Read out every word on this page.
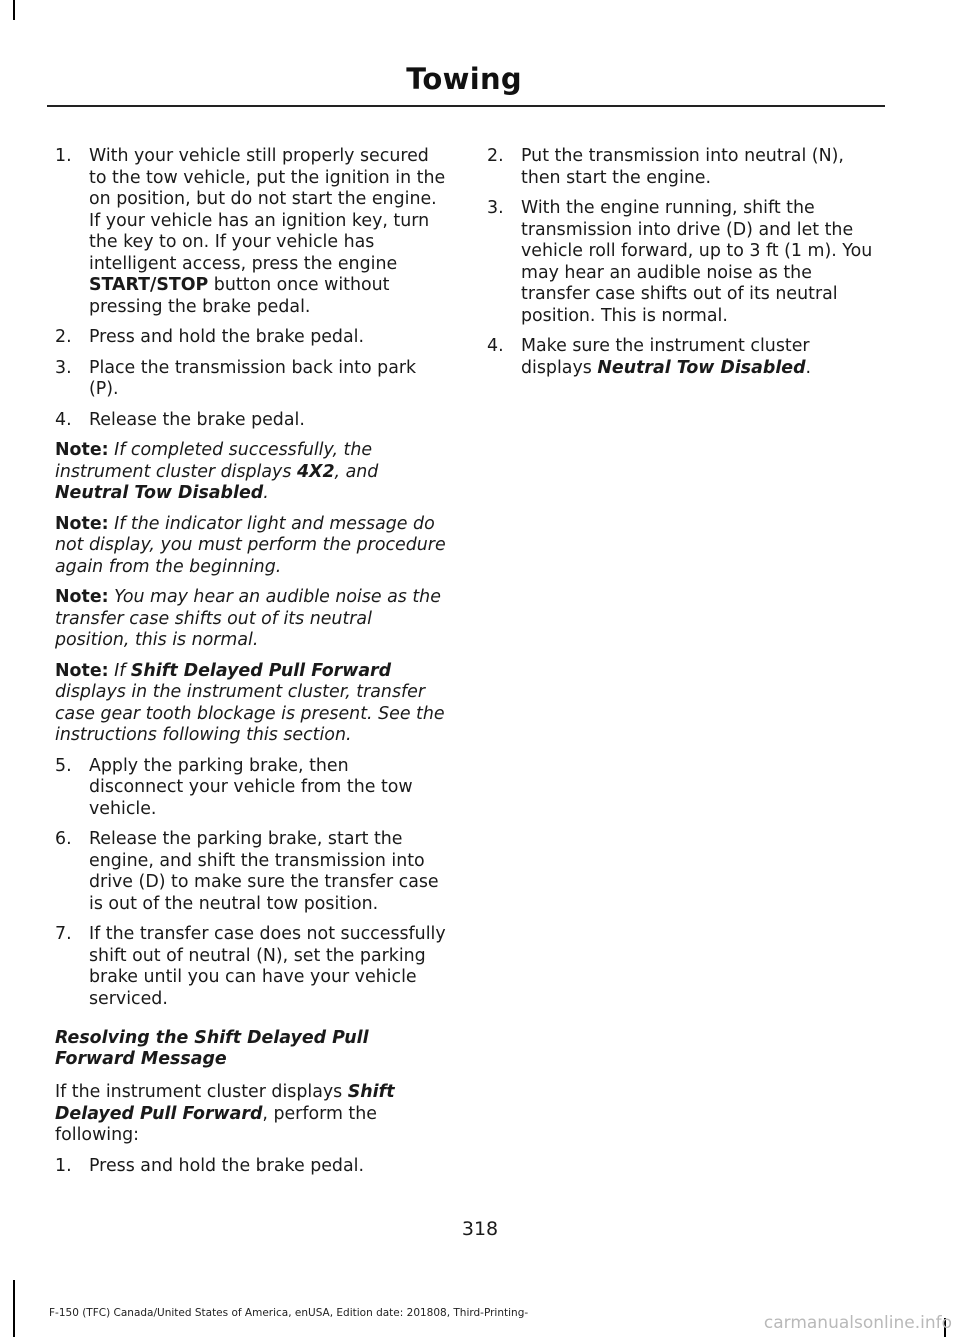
Towing
1. With your vehicle still properly secured to the tow vehicle, put the ignition in the on position, but do not start the engine. If your vehicle has an ignition key, turn the key to on. If your vehicle has intelligent access, press the engine START/STOP button once without pressing the brake pedal.
2. Press and hold the brake pedal.
3. Place the transmission back into park (P).
4. Release the brake pedal.

Note: If completed successfully, the instrument cluster displays 4X2, and Neutral Tow Disabled.

Note: If the indicator light and message do not display, you must perform the procedure again from the beginning.

Note: You may hear an audible noise as the transfer case shifts out of its neutral position, this is normal.

Note: If Shift Delayed Pull Forward displays in the instrument cluster, transfer case gear tooth blockage is present. See the instructions following this section.

5. Apply the parking brake, then disconnect your vehicle from the tow vehicle.
6. Release the parking brake, start the engine, and shift the transmission into drive (D) to make sure the transfer case is out of the neutral tow position.
7. If the transfer case does not successfully shift out of neutral (N), set the parking brake until you can have your vehicle serviced.
Resolving the Shift Delayed Pull Forward Message

If the instrument cluster displays Shift Delayed Pull Forward, perform the following:

1. Press and hold the brake pedal.
2. Put the transmission into neutral (N), then start the engine.
3. With the engine running, shift the transmission into drive (D) and let the vehicle roll forward, up to 3 ft (1 m). You may hear an audible noise as the transfer case shifts out of its neutral position. This is normal.
4. Make sure the instrument cluster displays Neutral Tow Disabled.
318
F-150 (TFC) Canada/United States of America, enUSA, Edition date: 201808, Third-Printing-	carmanualsonline.info
